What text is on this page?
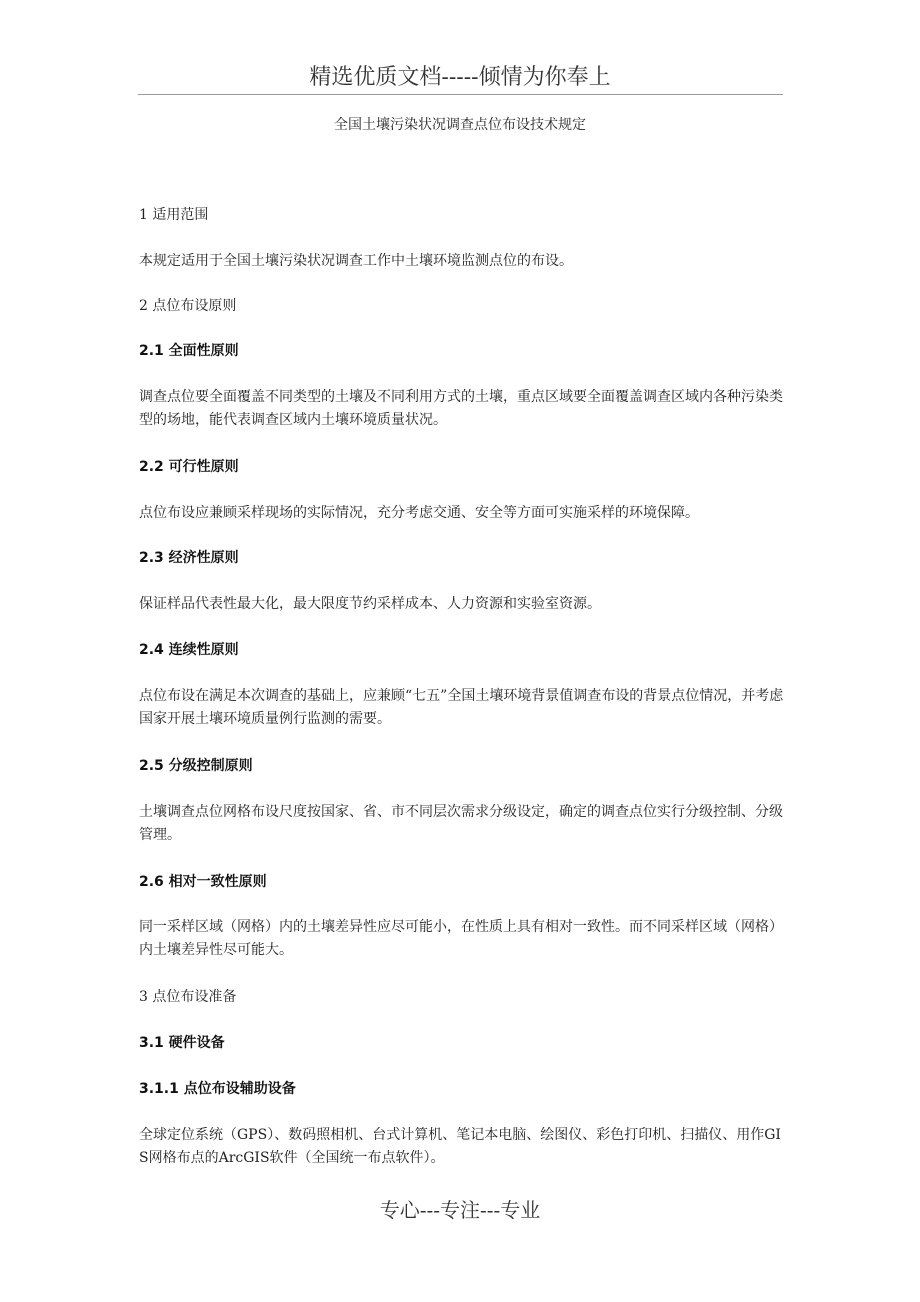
精选优质文档-----倾情为你奉上
全国土壤污染状况调查点位布设技术规定
1 适用范围
本规定适用于全国土壤污染状况调查工作中土壤环境监测点位的布设。
2 点位布设原则
2.1 全面性原则
调查点位要全面覆盖不同类型的土壤及不同利用方式的土壤，重点区域要全面覆盖调查区域内各种污染类型的场地，能代表调查区域内土壤环境质量状况。
2.2 可行性原则
点位布设应兼顾采样现场的实际情况，充分考虑交通、安全等方面可实施采样的环境保障。
2.3 经济性原则
保证样品代表性最大化，最大限度节约采样成本、人力资源和实验室资源。
2.4 连续性原则
点位布设在满足本次调查的基础上，应兼顾“七五”全国土壤环境背景值调查布设的背景点位情况，并考虑国家开展土壤环境质量例行监测的需要。
2.5 分级控制原则
土壤调查点位网格布设尺度按国家、省、市不同层次需求分级设定，确定的调查点位实行分级控制、分级管理。
2.6 相对一致性原则
同一采样区域（网格）内的土壤差异性应尽可能小，在性质上具有相对一致性。而不同采样区域（网格）内土壤差异性尽可能大。
3 点位布设准备
3.1 硬件设备
3.1.1 点位布设辅助设备
全球定位系统（GPS）、数码照相机、台式计算机、笔记本电脑、绘图仪、彩色打印机、扫描仪、用作GIS网格布点的ArcGIS软件（全国统一布点软件）。
专心---专注---专业
